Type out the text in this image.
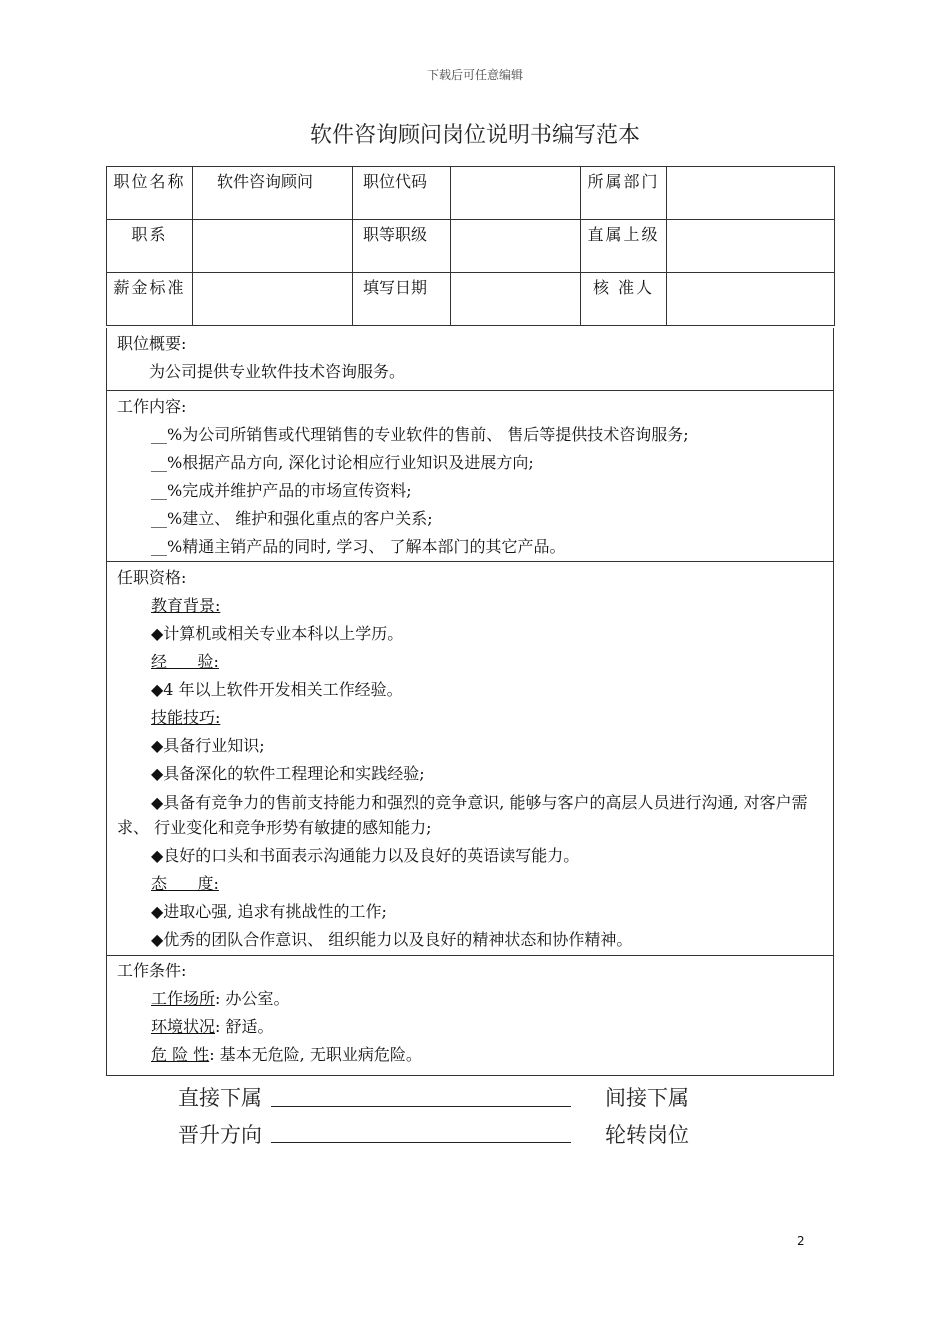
下载后可任意编辑
软件咨询顾问岗位说明书编写范本
职位名称	软件咨询顾问	职位代码		所属部门	
职系		职等职级		直属上级	
薪金标准		填写日期		核 准人	
职位概要:
为公司提供专业软件技术咨询服务。
工作内容:
__%为公司所销售或代理销售的专业软件的售前、 售后等提供技术咨询服务;
__%根据产品方向, 深化讨论相应行业知识及进展方向;
__%完成并维护产品的市场宣传资料;
__%建立、 维护和强化重点的客户关系;
__%精通主销产品的同时, 学习、 了解本部门的其它产品。
任职资格:
教育背景:
◆计算机或相关专业本科以上学历。
经      验:
◆4 年以上软件开发相关工作经验。
技能技巧:
◆具备行业知识;
◆具备深化的软件工程理论和实践经验;
◆具备有竞争力的售前支持能力和强烈的竞争意识, 能够与客户的高层人员进行沟通, 对客户需求、 行业变化和竞争形势有敏捷的感知能力;
◆良好的口头和书面表示沟通能力以及良好的英语读写能力。
态      度:
◆进取心强, 追求有挑战性的工作;
◆优秀的团队合作意识、 组织能力以及良好的精神状态和协作精神。
工作条件:
工作场所: 办公室。
环境状况: 舒适。
危 险 性: 基本无危险, 无职业病危险。
直接下属	间接下属
晋升方向	轮转岗位
2
